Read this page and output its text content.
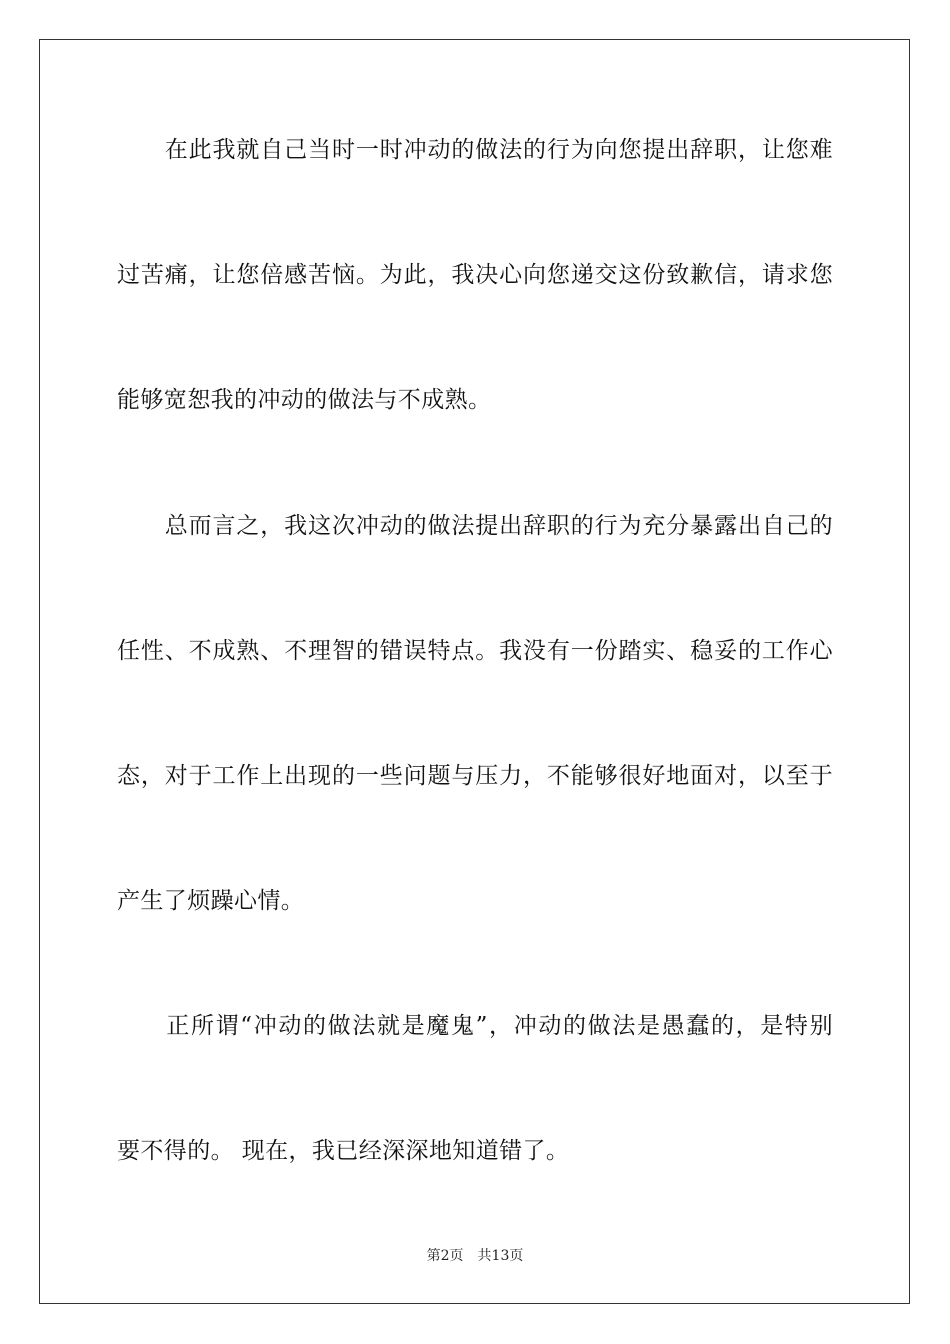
　　在此我就自己当时一时冲动的做法的行为向您提出辞职，让您难
过苦痛，让您倍感苦恼。为此，我决心向您递交这份致歉信，请求您
能够宽恕我的冲动的做法与不成熟。
　　总而言之，我这次冲动的做法提出辞职的行为充分暴露出自己的
任性、不成熟、不理智的错误特点。我没有一份踏实、稳妥的工作心
态，对于工作上出现的一些问题与压力，不能够很好地面对，以至于
产生了烦躁心情。
　　正所谓“冲动的做法就是魔鬼”，冲动的做法是愚蠢的，是特别
要不得的。 现在，我已经深深地知道错了。
第2页 共13页
